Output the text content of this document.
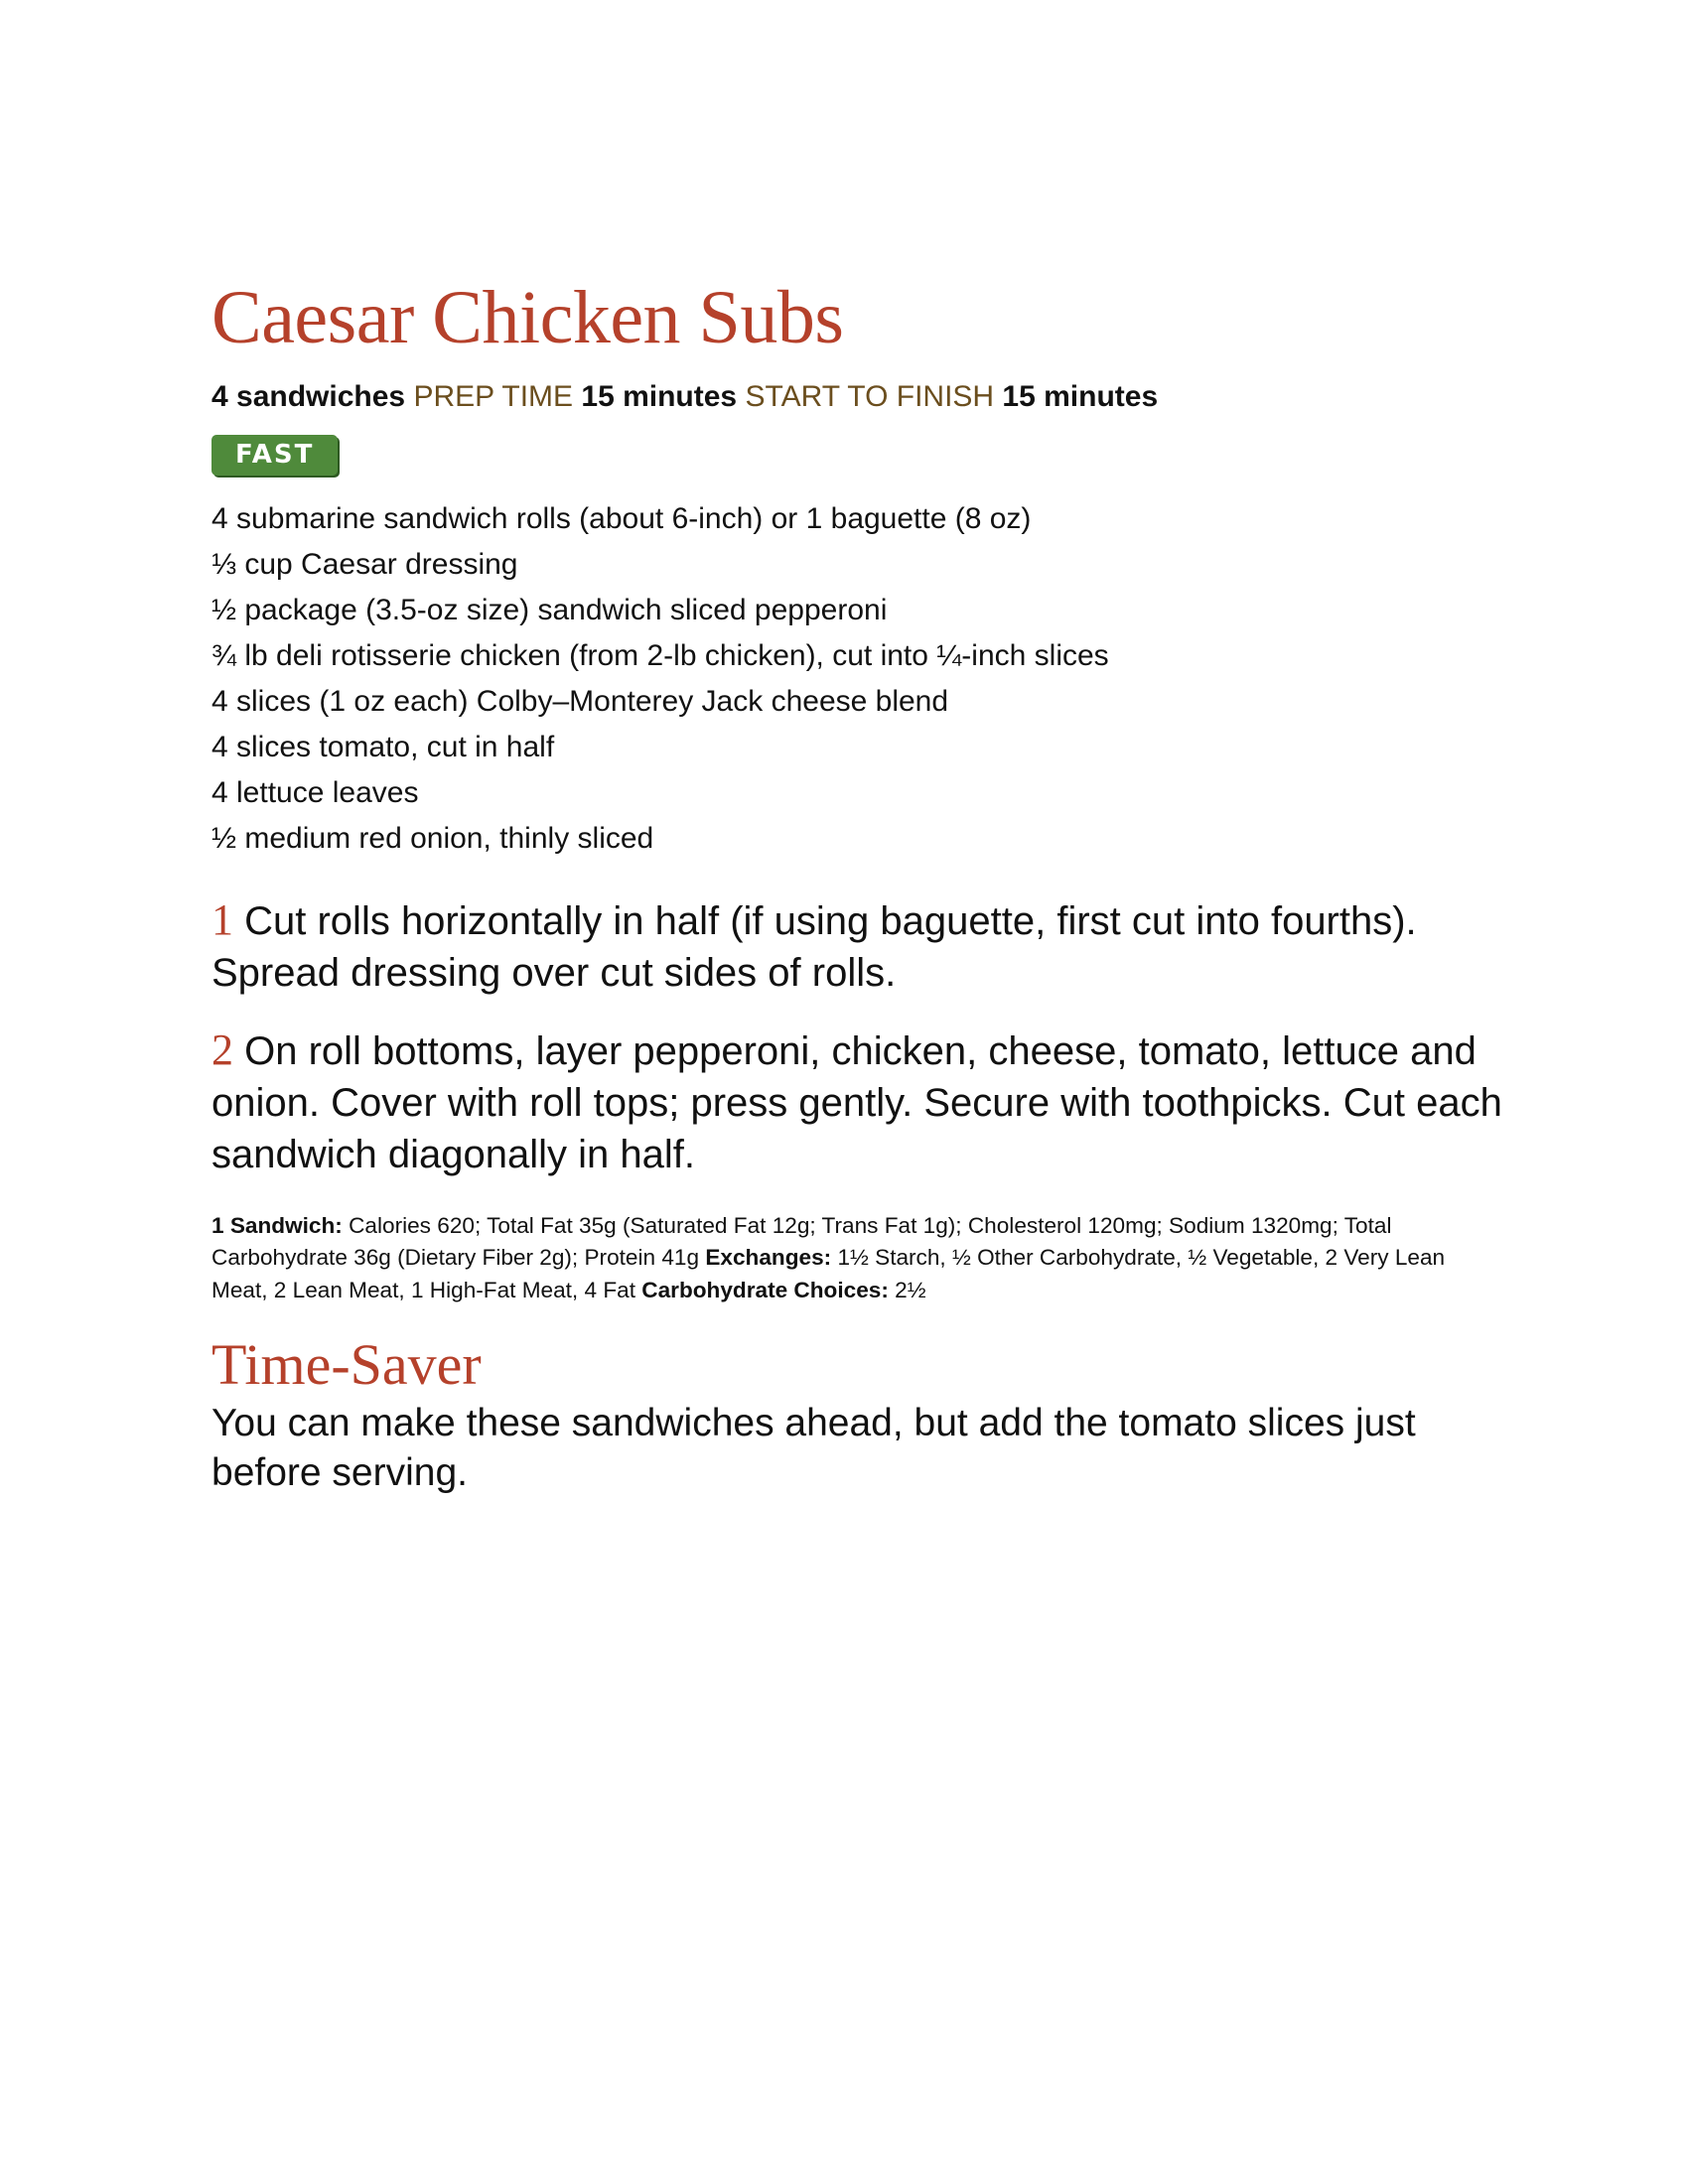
Caesar Chicken Subs
4 sandwiches PREP TIME 15 minutes START TO FINISH 15 minutes
FAST
4 submarine sandwich rolls (about 6-inch) or 1 baguette (8 oz)
⅓ cup Caesar dressing
½ package (3.5-oz size) sandwich sliced pepperoni
¾ lb deli rotisserie chicken (from 2-lb chicken), cut into ¼-inch slices
4 slices (1 oz each) Colby–Monterey Jack cheese blend
4 slices tomato, cut in half
4 lettuce leaves
½ medium red onion, thinly sliced
1 Cut rolls horizontally in half (if using baguette, first cut into fourths). Spread dressing over cut sides of rolls.
2 On roll bottoms, layer pepperoni, chicken, cheese, tomato, lettuce and onion. Cover with roll tops; press gently. Secure with toothpicks. Cut each sandwich diagonally in half.
1 Sandwich: Calories 620; Total Fat 35g (Saturated Fat 12g; Trans Fat 1g); Cholesterol 120mg; Sodium 1320mg; Total Carbohydrate 36g (Dietary Fiber 2g); Protein 41g Exchanges: 1½ Starch, ½ Other Carbohydrate, ½ Vegetable, 2 Very Lean Meat, 2 Lean Meat, 1 High-Fat Meat, 4 Fat Carbohydrate Choices: 2½
Time-Saver
You can make these sandwiches ahead, but add the tomato slices just before serving.
